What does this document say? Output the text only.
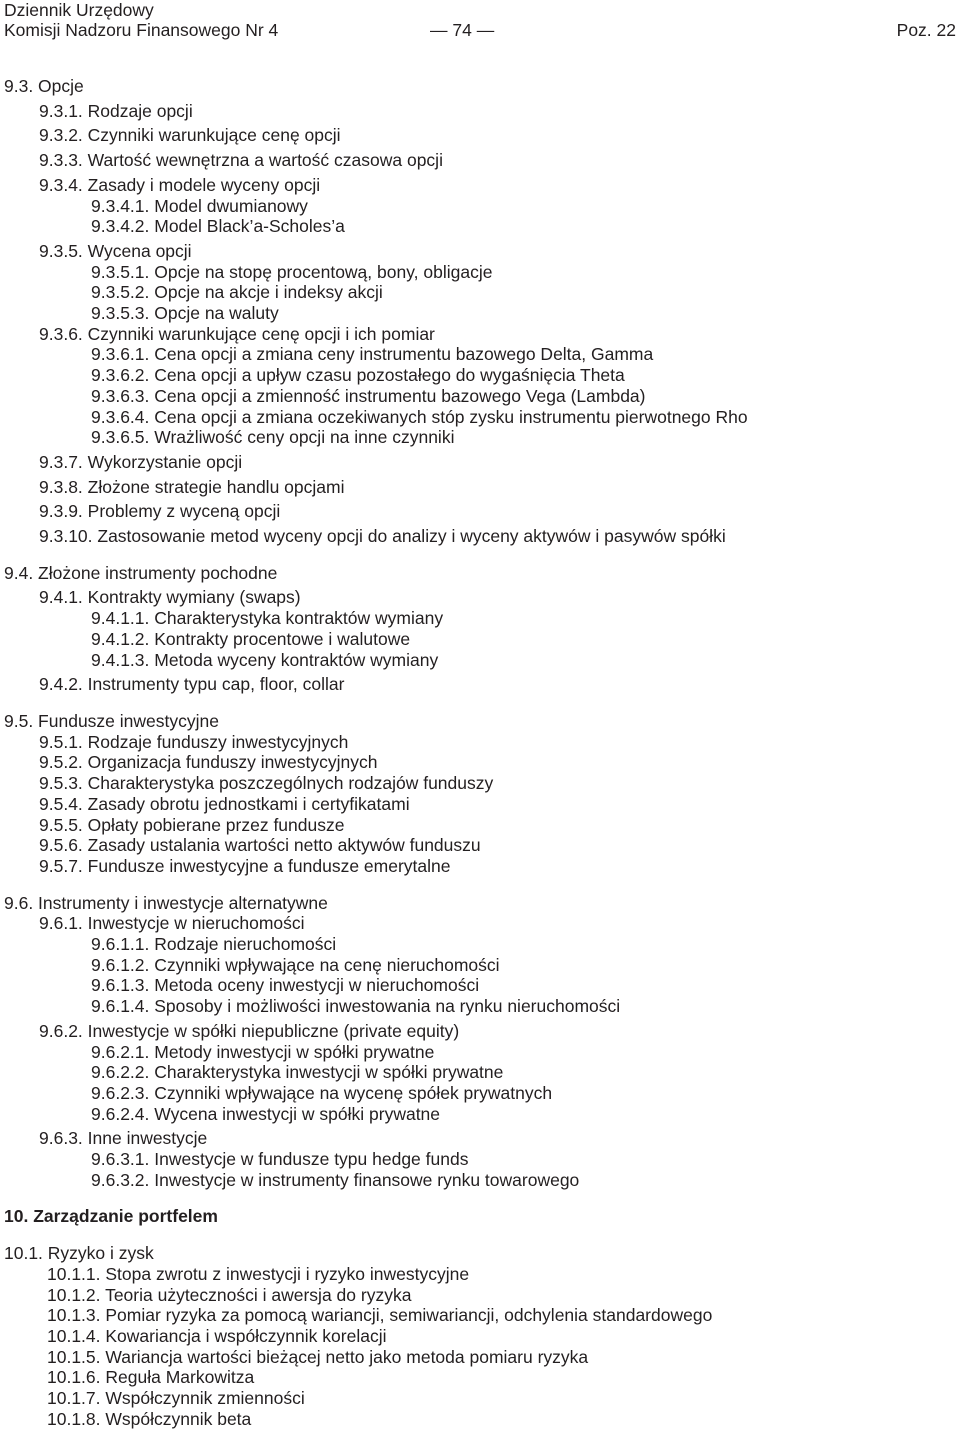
Dziennik Urzędowy
Komisji Nadzoru Finansowego Nr 4	— 74 —	Poz. 22
9.3. Opcje
9.3.1. Rodzaje opcji
9.3.2. Czynniki warunkujące cenę opcji
9.3.3. Wartość wewnętrzna a wartość czasowa opcji
9.3.4. Zasady i modele wyceny opcji
9.3.4.1. Model dwumianowy
9.3.4.2. Model Black’a-Scholes’a
9.3.5. Wycena opcji
9.3.5.1. Opcje na stopę procentową, bony, obligacje
9.3.5.2. Opcje na akcje i indeksy akcji
9.3.5.3. Opcje na waluty
9.3.6. Czynniki warunkujące cenę opcji i ich pomiar
9.3.6.1. Cena opcji a zmiana ceny instrumentu bazowego Delta, Gamma
9.3.6.2. Cena opcji a upływ czasu pozostałego do wygaśnięcia Theta
9.3.6.3. Cena opcji a zmienność instrumentu bazowego Vega (Lambda)
9.3.6.4. Cena opcji a zmiana oczekiwanych stóp zysku instrumentu pierwotnego Rho
9.3.6.5. Wrażliwość ceny opcji na inne czynniki
9.3.7. Wykorzystanie opcji
9.3.8. Złożone strategie handlu opcjami
9.3.9. Problemy z wyceną opcji
9.3.10. Zastosowanie metod wyceny opcji do analizy i wyceny aktywów i pasywów spółki
9.4. Złożone instrumenty pochodne
9.4.1. Kontrakty wymiany (swaps)
9.4.1.1. Charakterystyka kontraktów wymiany
9.4.1.2. Kontrakty procentowe i walutowe
9.4.1.3. Metoda wyceny kontraktów wymiany
9.4.2. Instrumenty typu cap, floor, collar
9.5. Fundusze inwestycyjne
9.5.1. Rodzaje funduszy inwestycyjnych
9.5.2. Organizacja funduszy inwestycyjnych
9.5.3. Charakterystyka poszczególnych rodzajów funduszy
9.5.4. Zasady obrotu jednostkami i certyfikatami
9.5.5. Opłaty pobierane przez fundusze
9.5.6. Zasady ustalania wartości netto aktywów funduszu
9.5.7. Fundusze inwestycyjne a fundusze emerytalne
9.6. Instrumenty i inwestycje alternatywne
9.6.1. Inwestycje w nieruchomości
9.6.1.1. Rodzaje nieruchomości
9.6.1.2. Czynniki wpływające na cenę nieruchomości
9.6.1.3. Metoda oceny inwestycji w nieruchomości
9.6.1.4. Sposoby i możliwości inwestowania na rynku nieruchomości
9.6.2. Inwestycje w spółki niepubliczne (private equity)
9.6.2.1. Metody inwestycji w spółki prywatne
9.6.2.2. Charakterystyka inwestycji w spółki prywatne
9.6.2.3. Czynniki wpływające na wycenę spółek prywatnych
9.6.2.4. Wycena inwestycji w spółki prywatne
9.6.3. Inne inwestycje
9.6.3.1. Inwestycje w fundusze typu hedge funds
9.6.3.2. Inwestycje w instrumenty finansowe rynku towarowego
10. Zarządzanie portfelem
10.1. Ryzyko i zysk
10.1.1. Stopa zwrotu z inwestycji i ryzyko inwestycyjne
10.1.2. Teoria użyteczności i awersja do ryzyka
10.1.3. Pomiar ryzyka za pomocą wariancji, semiwariancji, odchylenia standardowego
10.1.4. Kowariancja i współczynnik korelacji
10.1.5. Wariancja wartości bieżącej netto jako metoda pomiaru ryzyka
10.1.6. Reguła Markowitza
10.1.7. Współczynnik zmienności
10.1.8. Współczynnik beta
